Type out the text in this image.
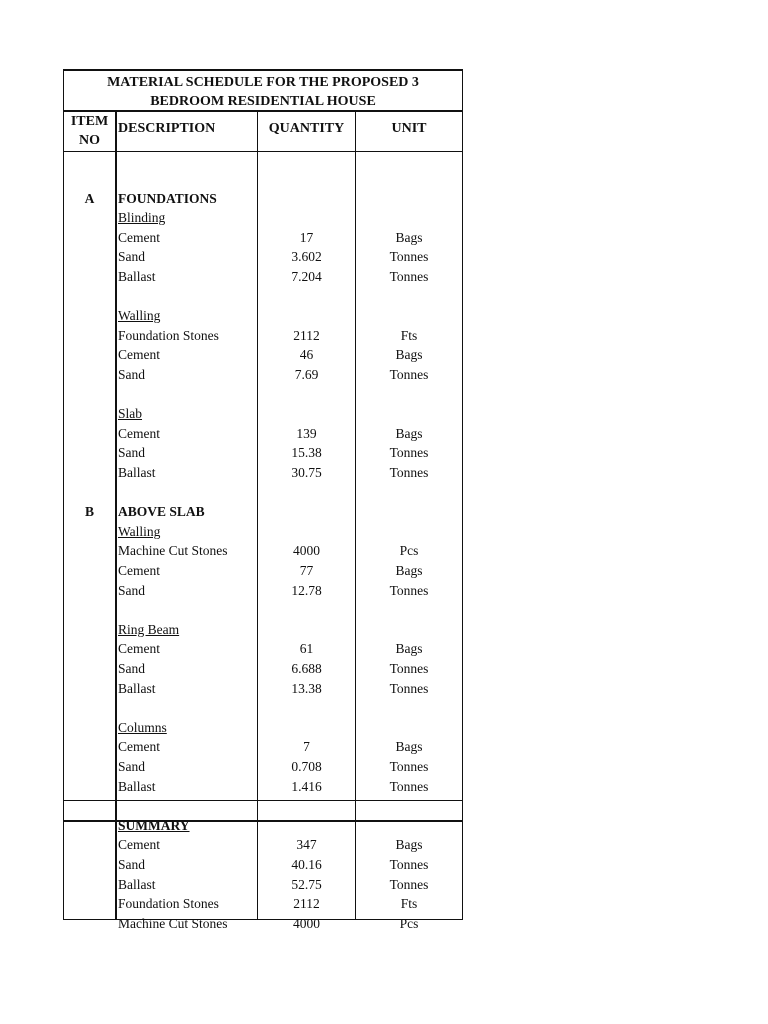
MATERIAL SCHEDULE FOR THE PROPOSED 3
BEDROOM RESIDENTIAL HOUSE
ITEM
NO
DESCRIPTION	QUANTITY	UNIT
A	FOUNDATIONS
Blinding
Cement	17	Bags
Sand	3.602	Tonnes
Ballast	7.204	Tonnes
Walling
Foundation Stones	2112	Fts
Cement	46	Bags
Sand	7.69	Tonnes
Slab
Cement	139	Bags
Sand	15.38	Tonnes
Ballast	30.75	Tonnes
B	ABOVE SLAB
Walling
Machine Cut Stones	4000	Pcs
Cement	77	Bags
Sand	12.78	Tonnes
Ring Beam
Cement	61	Bags
Sand	6.688	Tonnes
Ballast	13.38	Tonnes
Columns
Cement	7	Bags
Sand	0.708	Tonnes
Ballast	1.416	Tonnes
SUMMARY
Cement	347	Bags
Sand	40.16	Tonnes
Ballast	52.75	Tonnes
Foundation Stones	2112	Fts
Machine Cut Stones	4000	Pcs
